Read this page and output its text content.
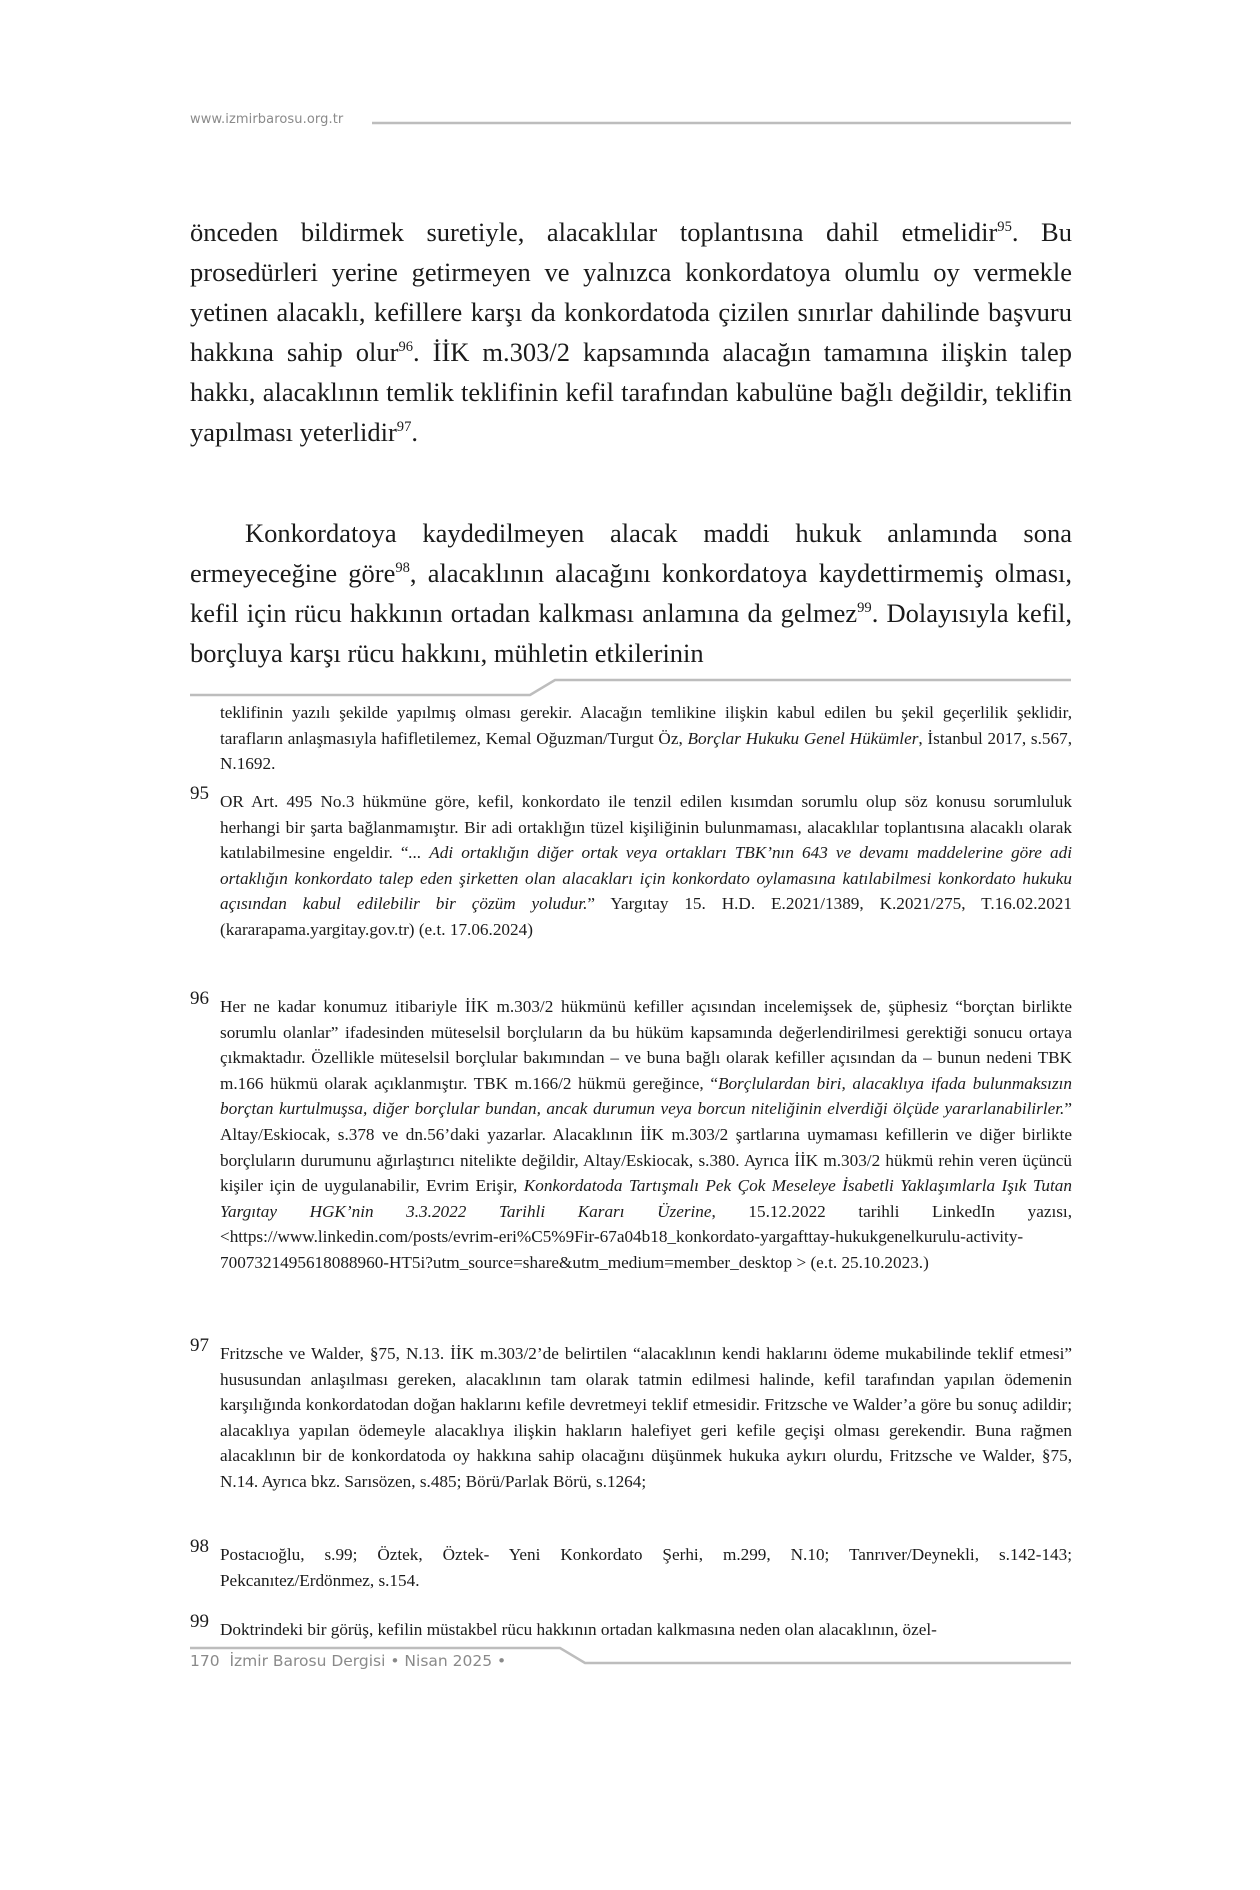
www.izmirbarosu.org.tr

önceden bildirmek suretiyle, alacaklılar toplantısına dahil etmelidir$^{95}$. Bu prosedürleri yerine getirmeyen ve yalnızca konkordatoya olumlu oy vermekle yetinen alacaklı, kefillere karşı da konkordatoda çizilen sınırlar dahilinde başvuru hakkına sahip olur$^{96}$. İİK m.303/2 kapsamında alacağın tamamına ilişkin talep hakkı, alacaklının temlik teklifinin kefil tarafından kabulüne bağlı değildir, teklifin yapılması yeterlidir$^{97}$.

Konkordatoya kaydedilmeyen alacak maddi hukuk anlamında sona ermeyeceğine göre$^{98}$, alacaklının alacağını konkordatoya kaydettirmemiş olması, kefil için rücu hakkının ortadan kalkması anlamına da gelmez$^{99}$. Dolayısıyla kefil, borçluya karşı rücu hakkını, mühletin etkilerinin

teklifinin yazılı şekilde yapılmış olması gerekir. Alacağın temlikine ilişkin kabul edilen bu şekil geçerlilik şeklidir, tarafların anlaşmasıyla hafifletilemez, Kemal Oğuzman/Turgut Öz, Borçlar Hukuku Genel Hükümler, İstanbul 2017, s.567, N.1692.
95 OR Art. 495 No.3 hükmüne göre, kefil, konkordato ile tenzil edilen kısımdan sorumlu olup söz konusu sorumluluk herhangi bir şarta bağlanmamıştır. Bir adi ortaklığın tüzel kişiliğinin bulunmaması, alacaklılar toplantısına alacaklı olarak katılabilmesine engeldir. “... Adi ortaklığın diğer ortak veya ortakları TBK’nın 643 ve devamı maddelerine göre adi ortaklığın konkordato talep eden şirketten olan alacakları için konkordato oylamasına katılabilmesi konkordato hukuku açısından kabul edilebilir bir çözüm yoludur.” Yargıtay 15. H.D. E.2021/1389, K.2021/275, T.16.02.2021 (kararарama.yargitay.gov.tr) (e.t. 17.06.2024)
96 Her ne kadar konumuz itibariyle İİK m.303/2 hükmünü kefiller açısından incelemişsek de, şüphesiz “borçtan birlikte sorumlu olanlar” ifadesinden müteselsil borçluların da bu hüküm kapsamında değerlendirilmesi gerektiği sonucu ortaya çıkmaktadır. Özellikle müteselsil borçlular bakımından – ve buna bağlı olarak kefiller açısından da – bunun nedeni TBK m.166 hükmü olarak açıklanmıştır. TBK m.166/2 hükmü gereğince, “Borçlulardan biri, alacaklıya ifada bulunmaksızın borçtan kurtulmuşsa, diğer borçlular bundan, ancak durumun veya borcun niteliğinin elverdiği ölçüde yararlanabilirler.” Altay/Eskiocak, s.378 ve dn.56’daki yazarlar. Alacaklının İİK m.303/2 şartlarına uymaması kefillerin ve diğer birlikte borçluların durumunu ağırlaştırıcı nitelikte değildir, Altay/Eskiocak, s.380. Ayrıca İİK m.303/2 hükmü rehin veren üçüncü kişiler için de uygulanabilir, Evrim Erişir, Konkordatoda Tartışmalı Pek Çok Meseleye İsabetli Yaklaşımlarla Işık Tutan Yargıtay HGK’nin 3.3.2022 Tarihli Kararı Üzerine, 15.12.2022 tarihli LinkedIn yazısı, <https://www.linkedin.com/posts/evrim-eri%C5%9Fir-67a04b18_konkordato-yargafttay-hukukgenelkurulu-activity-7007321495618088960-HT5i?utm_source=share&utm_medium=member_desktop > (e.t. 25.10.2023.)
97 Fritzsche ve Walder, §75, N.13. İİK m.303/2’de belirtilen “alacaklının kendi haklarını ödeme mukabilinde teklif etmesi” hususundan anlaşılması gereken, alacaklının tam olarak tatmin edilmesi halinde, kefil tarafından yapılan ödemenin karşılığında konkordatodan doğan haklarını kefile devretmeyi teklif etmesidir. Fritzsche ve Walder’a göre bu sonuç adildir; alacaklıya yapılan ödemeyle alacaklıya ilişkin hakların halefiyet geri kefile geçişi olması gerekendir. Buna rağmen alacaklının bir de konkordatoda oy hakkına sahip olacağını düşünmek hukuka aykırı olurdu, Fritzsche ve Walder, §75, N.14. Ayrıca bkz. Sarısözen, s.485; Börü/Parlak Börü, s.1264;
98 Postacıoğlu, s.99; Öztek, Öztek- Yeni Konkordato Şerhi, m.299, N.10; Tanrıver/Deynekli, s.142-143; Pekcanıtez/Erdönmez, s.154.
99 Doktrindeki bir görüş, kefilin müstakbel rücu hakkının ortadan kalkmasına neden olan alacaklının, özel-
170 İzmir Barosu Dergisi • Nisan 2025 •
